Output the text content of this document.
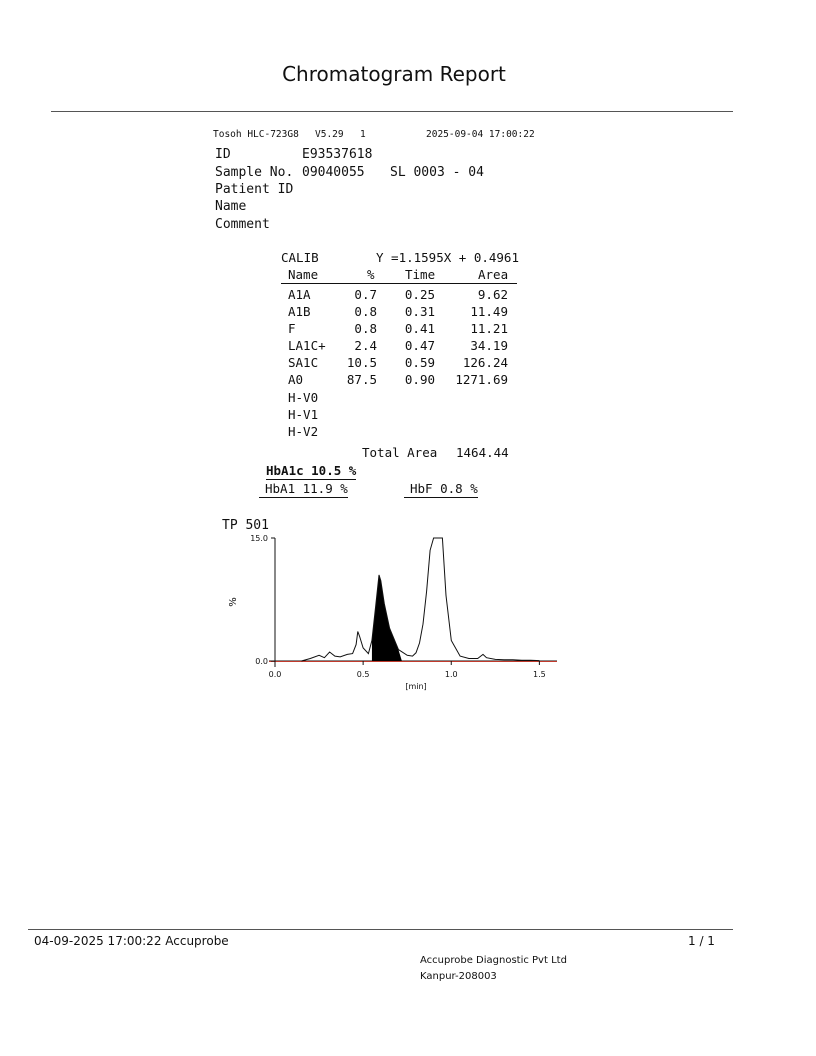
Chromatogram Report
Tosoh HLC-723G8 V5.29 1	2025-09-04 17:00:22
ID	E93537618
Sample No. 09040055 SL 0003 - 04
Patient ID
Name
Comment
CALIB	Y =1.1595X + 0.4961
Name	% Time	Area
A1A	0.7	0.25	9.62
A1B	0.8	0.31	11.49
F	0.8	0.41	11.21
LA1C+	2.4	0.47	34.19
SA1C	10.5	0.59	126.24
A0	87.5	0.90	1271.69
H-V0
H-V1
H-V2
Total Area 1464.44
HbA1c 10.5 %
HbA1 11.9 %	HbF 0.8 %
TP 501
0.0	0.5	1.0	1.5
0.0
15.0
[min]
%
04-09-2025 17:00:22 Accuprobe	1 / 1
Accuprobe Diagnostic Pvt Ltd
Kanpur-208003
